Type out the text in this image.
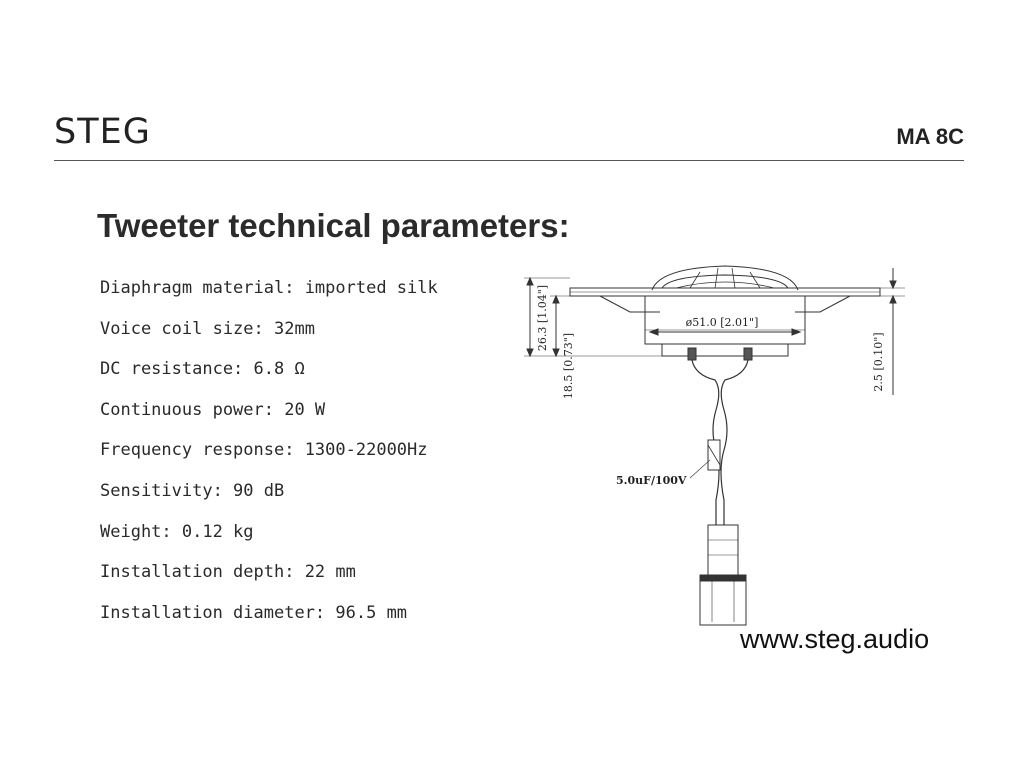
STEG	MA 8C
Tweeter technical parameters:
Diaphragm material: imported silk
Voice coil size: 32mm
DC resistance: 6.8 Ω
Continuous power: 20 W
Frequency response: 1300-22000Hz
Sensitivity: 90 dB
Weight: 0.12 kg
Installation depth: 22 mm
Installation diameter: 96.5 mm
26.3 [1.04"]
18.5 [0.73"]
ø51.0 [2.01"]
2.5 [0.10"]
5.0uF/100V
www.steg.audio
